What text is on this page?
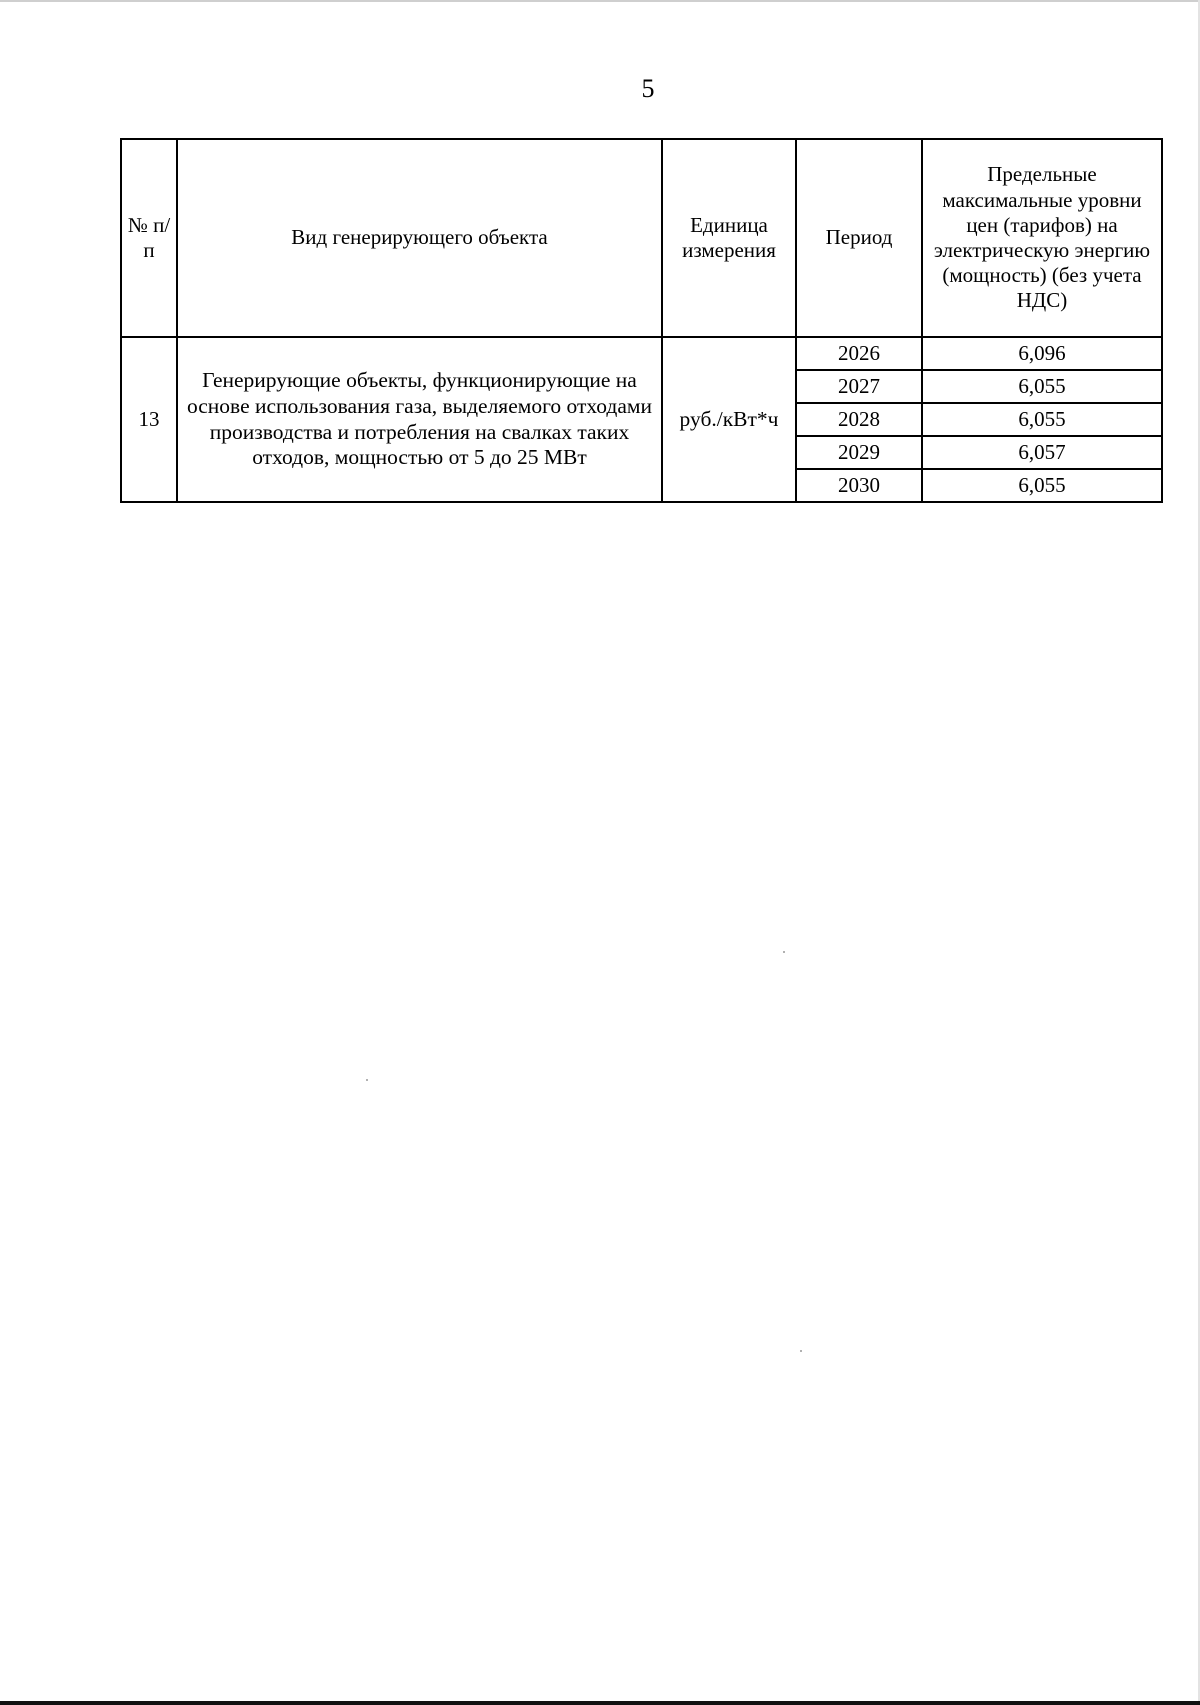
5
№ п/п	Вид генерирующего объекта	Единица измерения	Период	Предельные максимальные уровни цен (тарифов) на электрическую энергию (мощность) (без учета НДС)
13	Генерирующие объекты, функционирующие на основе использования газа, выделяемого отходами производства и потребления на свалках таких отходов, мощностью от 5 до 25 МВт	руб./кВт*ч	2026	6,096
			2027	6,055
			2028	6,055
			2029	6,057
			2030	6,055
